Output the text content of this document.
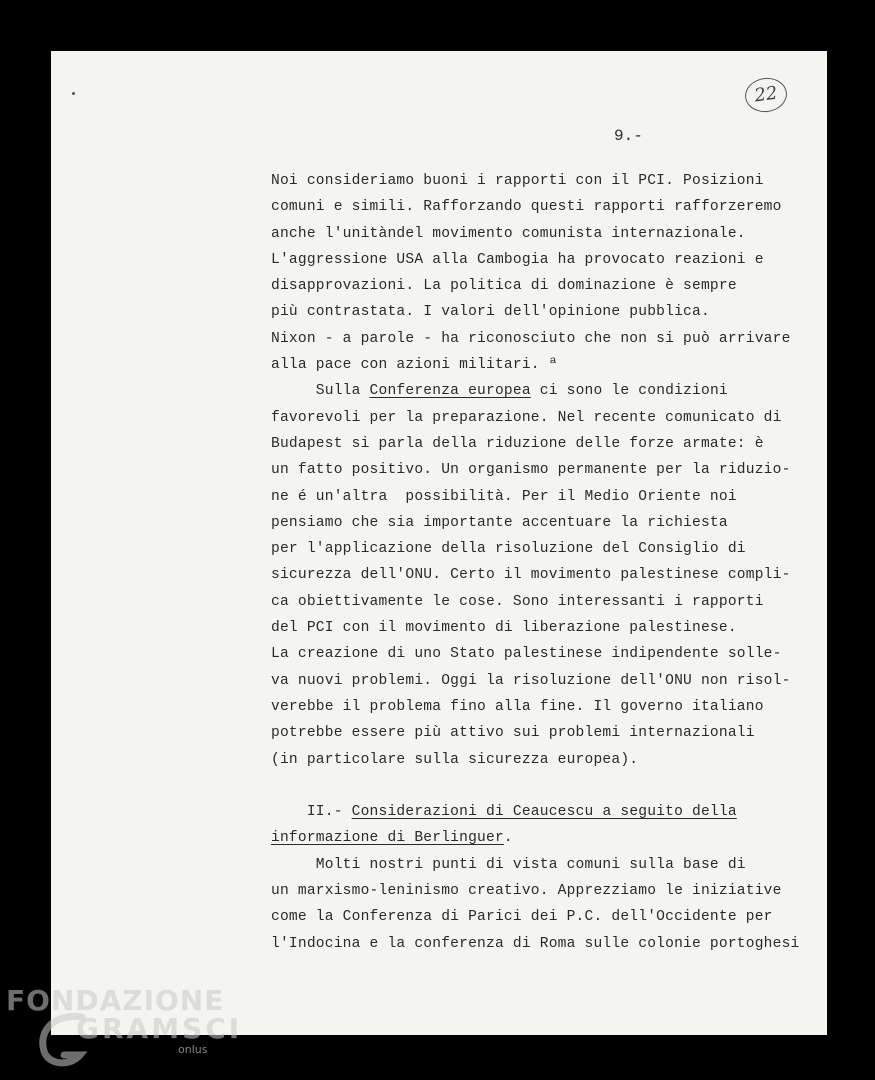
22
9.-
Noi consideriamo buoni i rapporti con il PCI. Posizioni
comuni e simili. Rafforzando questi rapporti rafforzeremo
anche l'unitàndel movimento comunista internazionale.
L'aggressione USA alla Cambogia ha provocato reazioni e
disapprovazioni. La politica di dominazione è sempre
più contrastata. I valori dell'opinione pubblica.
Nixon - a parole - ha riconosciuto che non si può arrivare
alla pace con azioni militari. ª
Sulla Conferenza europea ci sono le condizioni
favorevoli per la preparazione. Nel recente comunicato di
Budapest si parla della riduzione delle forze armate: è
un fatto positivo. Un organismo permanente per la riduzio-
ne é un'altra  possibilità. Per il Medio Oriente noi
pensiamo che sia importante accentuare la richiesta
per l'applicazione della risoluzione del Consiglio di
sicurezza dell'ONU. Certo il movimento palestinese compli-
ca obiettivamente le cose. Sono interessanti i rapporti
del PCI con il movimento di liberazione palestinese.
La creazione di uno Stato palestinese indipendente solle-
va nuovi problemi. Oggi la risoluzione dell'ONU non risol-
verebbe il problema fino alla fine. Il governo italiano
potrebbe essere più attivo sui problemi internazionali
(in particolare sulla sicurezza europea).
II.- Considerazioni di Ceaucescu a seguito della
informazione di Berlinguer.
Molti nostri punti di vista comuni sulla base di
un marxismo-leninismo creativo. Apprezziamo le iniziative
come la Conferenza di Parici dei P.C. dell'Occidente per
l'Indocina e la conferenza di Roma sulle colonie portoghesi
FONDAZIONE
GRAMSCI
onlus
